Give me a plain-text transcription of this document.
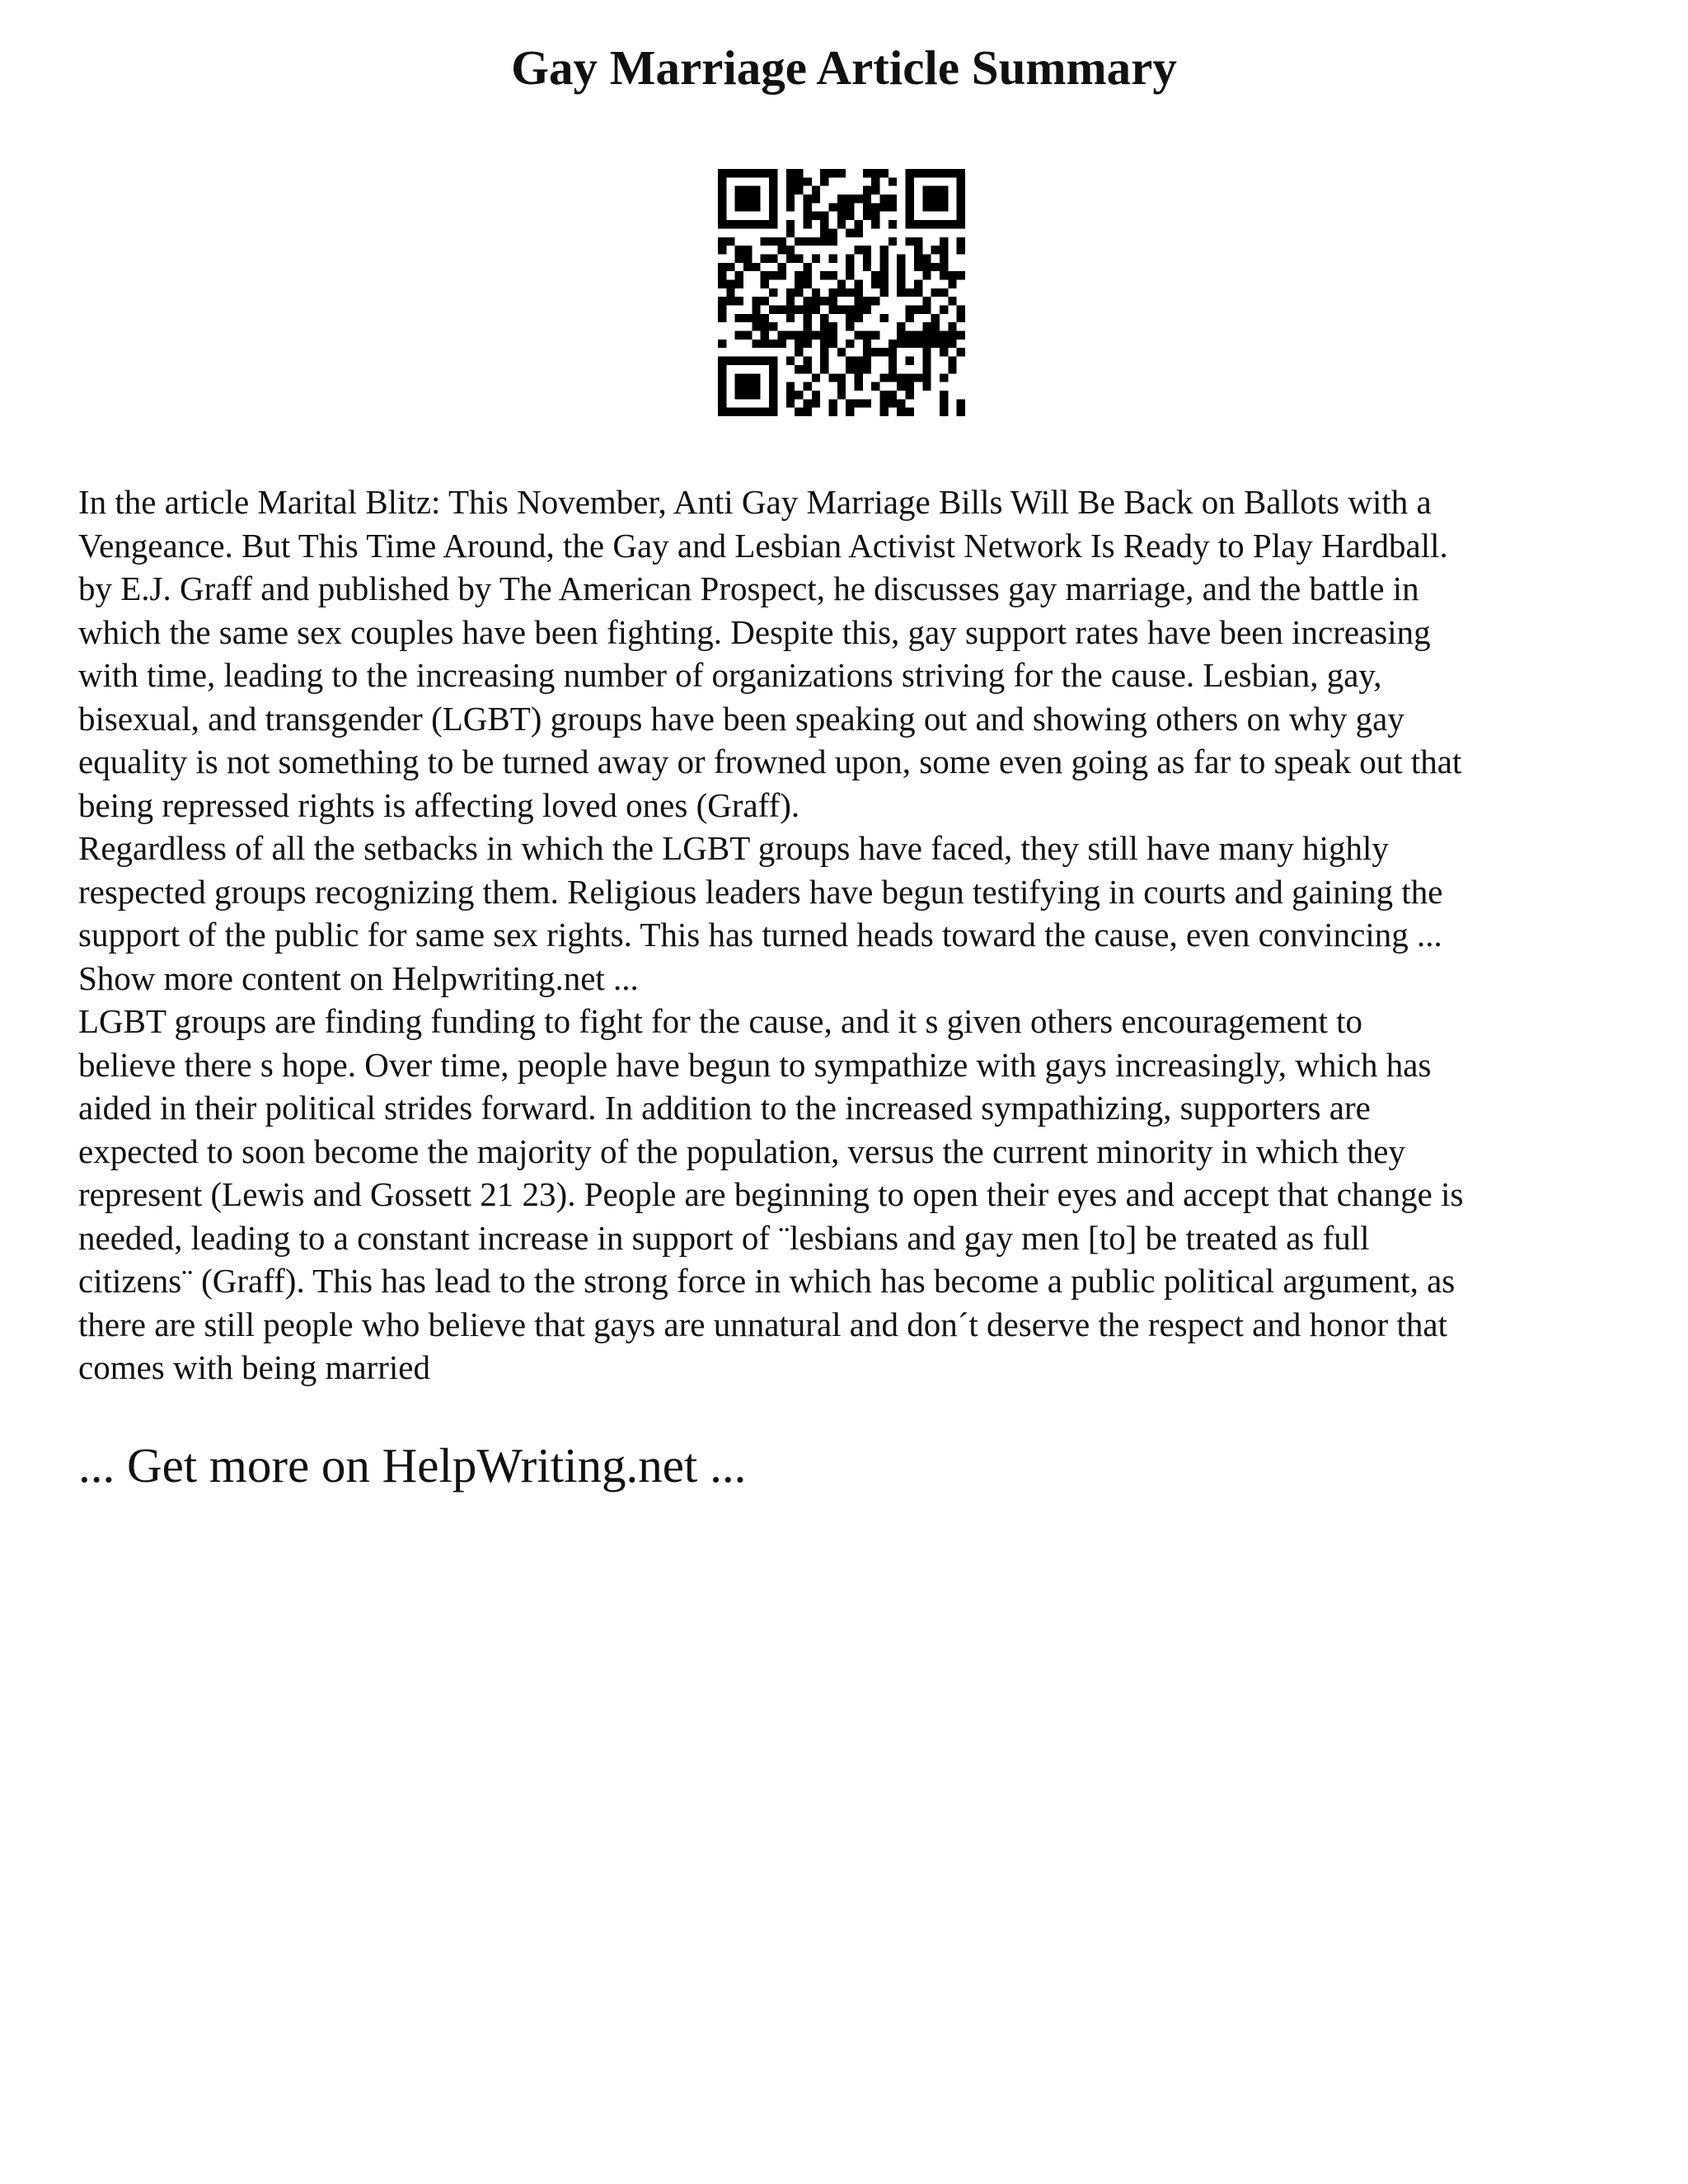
Gay Marriage Article Summary

In the article Marital Blitz: This November, Anti Gay Marriage Bills Will Be Back on Ballots with a
Vengeance. But This Time Around, the Gay and Lesbian Activist Network Is Ready to Play Hardball.
by E.J. Graff and published by The American Prospect, he discusses gay marriage, and the battle in
which the same sex couples have been fighting. Despite this, gay support rates have been increasing
with time, leading to the increasing number of organizations striving for the cause. Lesbian, gay,
bisexual, and transgender (LGBT) groups have been speaking out and showing others on why gay
equality is not something to be turned away or frowned upon, some even going as far to speak out that
being repressed rights is affecting loved ones (Graff).
Regardless of all the setbacks in which the LGBT groups have faced, they still have many highly
respected groups recognizing them. Religious leaders have begun testifying in courts and gaining the
support of the public for same sex rights. This has turned heads toward the cause, even convincing ...
Show more content on Helpwriting.net ...
LGBT groups are finding funding to fight for the cause, and it s given others encouragement to
believe there s hope. Over time, people have begun to sympathize with gays increasingly, which has
aided in their political strides forward. In addition to the increased sympathizing, supporters are
expected to soon become the majority of the population, versus the current minority in which they
represent (Lewis and Gossett 21 23). People are beginning to open their eyes and accept that change is
needed, leading to a constant increase in support of ¨lesbians and gay men [to] be treated as full
citizens¨ (Graff). This has lead to the strong force in which has become a public political argument, as
there are still people who believe that gays are unnatural and don´t deserve the respect and honor that
comes with being married

... Get more on HelpWriting.net ...
